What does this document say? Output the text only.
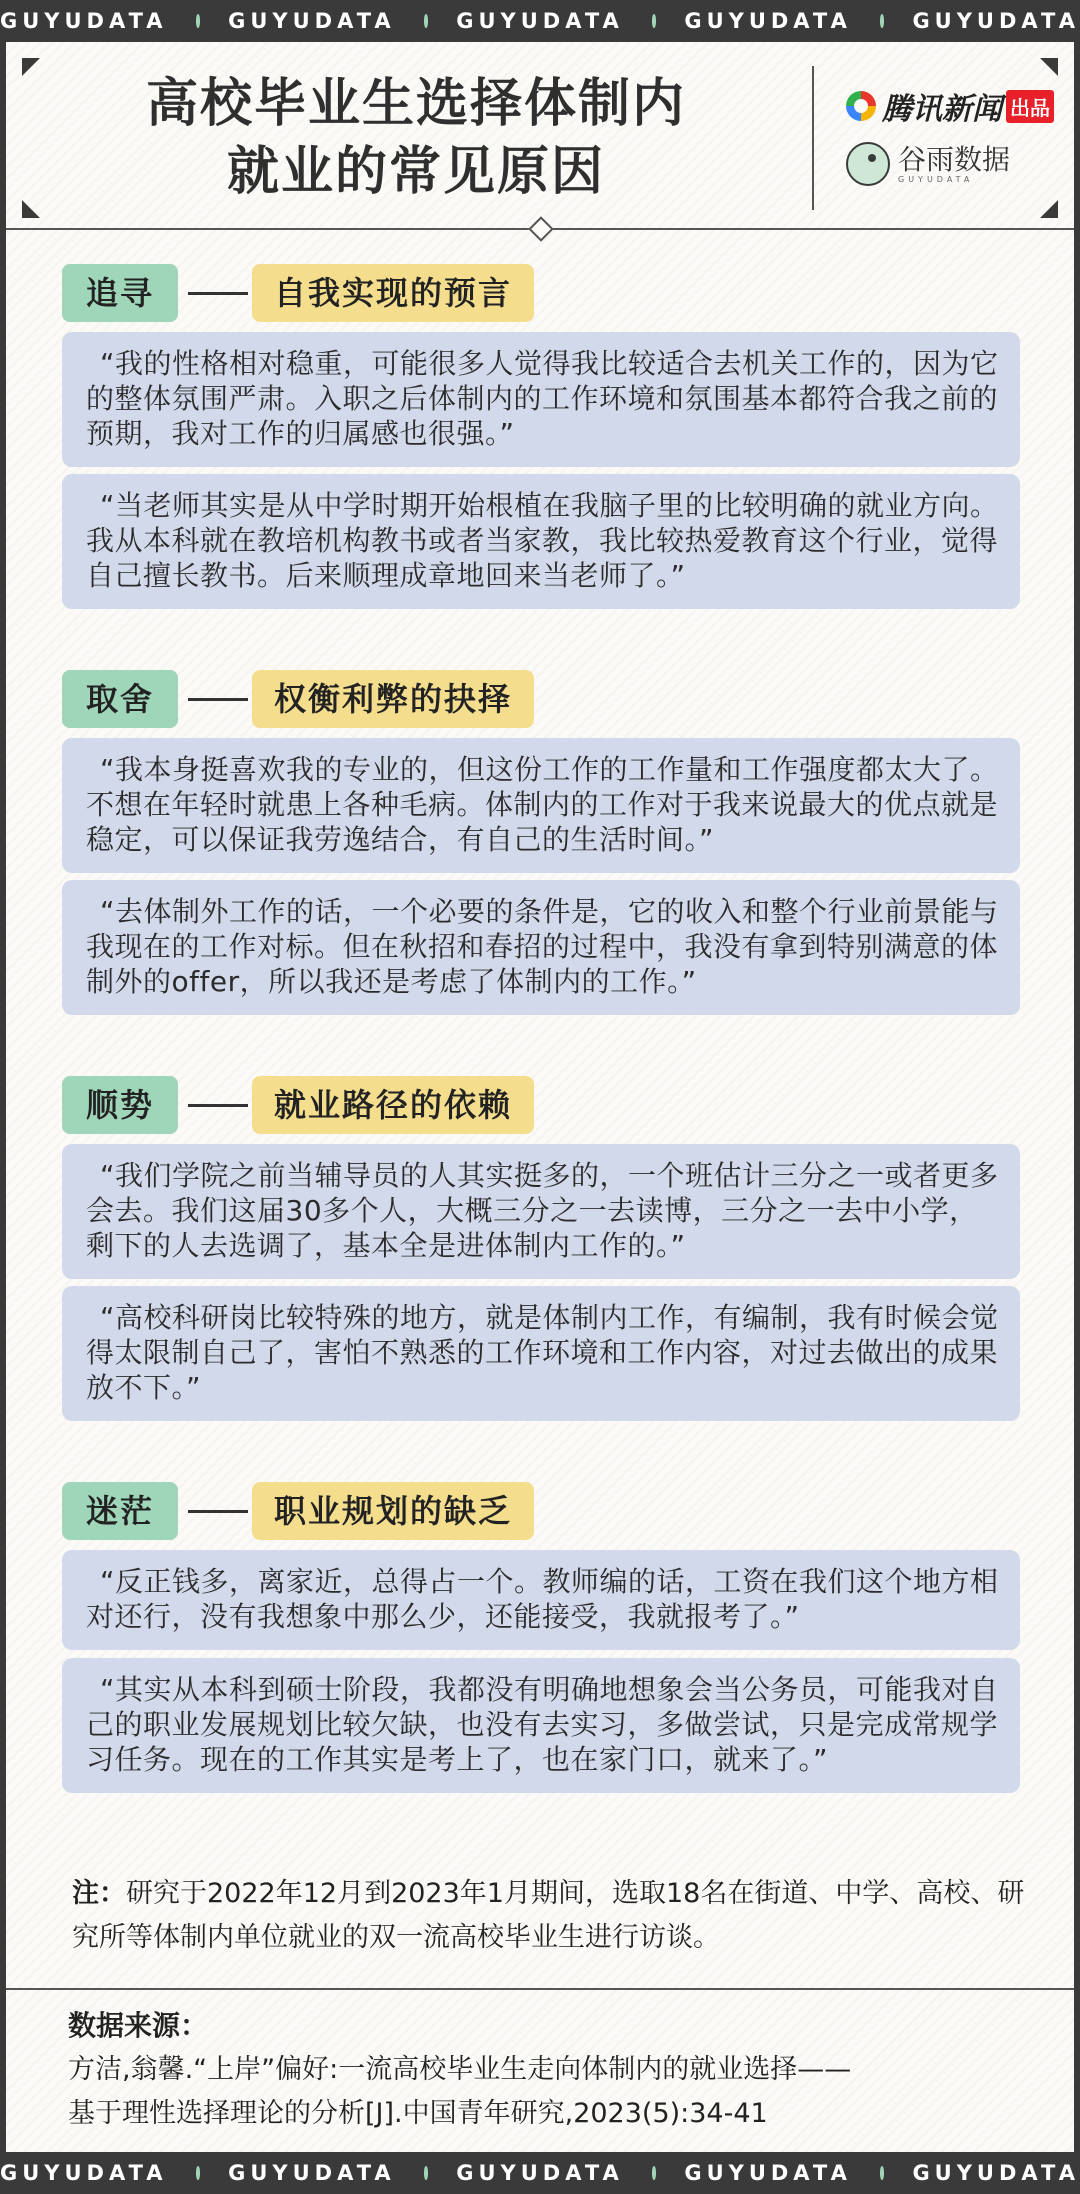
GUYUDATA	GUYUDATA	GUYUDATA	GUYUDATA	GUYUDATA
高校毕业生选择体制内
就业的常见原因
腾讯新闻 出品
谷雨数据
GUYUDATA
追寻	自我实现的预言
“我的性格相对稳重，可能很多人觉得我比较适合去机关工作的，因为它的整体氛围严肃。入职之后体制内的工作环境和氛围基本都符合我之前的预期，我对工作的归属感也很强。”
“当老师其实是从中学时期开始根植在我脑子里的比较明确的就业方向。我从本科就在教培机构教书或者当家教，我比较热爱教育这个行业，觉得自己擅长教书。后来顺理成章地回来当老师了。”
取舍	权衡利弊的抉择
“我本身挺喜欢我的专业的，但这份工作的工作量和工作强度都太大了。不想在年轻时就患上各种毛病。体制内的工作对于我来说最大的优点就是稳定，可以保证我劳逸结合，有自己的生活时间。”
“去体制外工作的话，一个必要的条件是，它的收入和整个行业前景能与我现在的工作对标。但在秋招和春招的过程中，我没有拿到特别满意的体制外的offer，所以我还是考虑了体制内的工作。”
顺势	就业路径的依赖
“我们学院之前当辅导员的人其实挺多的，一个班估计三分之一或者更多会去。我们这届30多个人，大概三分之一去读博，三分之一去中小学，剩下的人去选调了，基本全是进体制内工作的。”
“高校科研岗比较特殊的地方，就是体制内工作，有编制，我有时候会觉得太限制自己了，害怕不熟悉的工作环境和工作内容，对过去做出的成果放不下。”
迷茫	职业规划的缺乏
“反正钱多，离家近，总得占一个。教师编的话，工资在我们这个地方相对还行，没有我想象中那么少，还能接受，我就报考了。”
“其实从本科到硕士阶段，我都没有明确地想象会当公务员，可能我对自己的职业发展规划比较欠缺，也没有去实习，多做尝试，只是完成常规学习任务。现在的工作其实是考上了，也在家门口，就来了。”
注：研究于2022年12月到2023年1月期间，选取18名在街道、中学、高校、研究所等体制内单位就业的双一流高校毕业生进行访谈。
数据来源：
方洁,翁馨.“上岸”偏好:一流高校毕业生走向体制内的就业选择——
基于理性选择理论的分析[J].中国青年研究,2023(5):34-41
GUYUDATA	GUYUDATA	GUYUDATA	GUYUDATA	GUYUDATA
